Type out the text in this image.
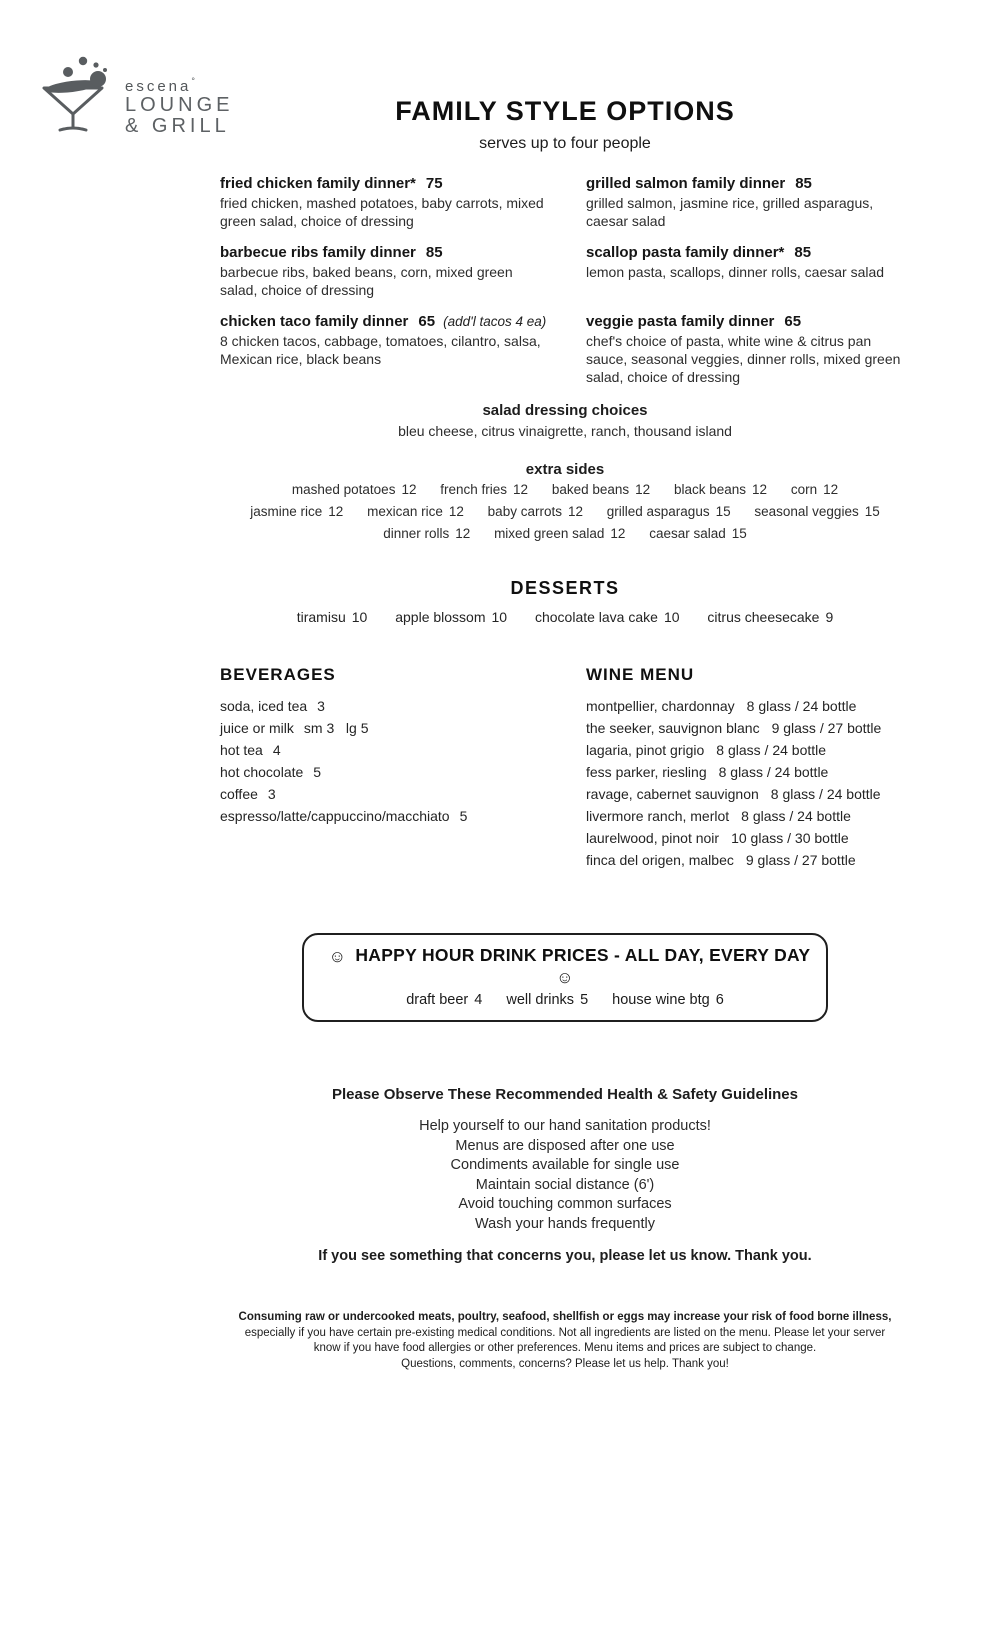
escena°
LOUNGE
& GRILL	FAMILY STYLE OPTIONS
serves up to four people
fried chicken family dinner* 75
fried chicken, mashed potatoes, baby carrots, mixed green salad, choice of dressing
grilled salmon family dinner 85
grilled salmon, jasmine rice, grilled asparagus, caesar salad
barbecue ribs family dinner 85
barbecue ribs, baked beans, corn, mixed green salad, choice of dressing
scallop pasta family dinner* 85
lemon pasta, scallops, dinner rolls, caesar salad
chicken taco family dinner 65 (add'l tacos 4 ea)
8 chicken tacos, cabbage, tomatoes, cilantro, salsa, Mexican rice, black beans
veggie pasta family dinner 65
chef's choice of pasta, white wine & citrus pan sauce, seasonal veggies, dinner rolls, mixed green salad, choice of dressing
salad dressing choices
bleu cheese, citrus vinaigrette, ranch, thousand island
extra sides
mashed potatoes 12 french fries 12 baked beans 12 black beans 12 corn 12
jasmine rice 12 mexican rice 12 baby carrots 12 grilled asparagus 15 seasonal veggies 15
dinner rolls 12 mixed green salad 12 caesar salad 15
DESSERTS
tiramisu 10 apple blossom 10 chocolate lava cake 10 citrus cheesecake 9
BEVERAGES
soda, iced tea 3
juice or milk sm 3   lg 5
hot tea 4
hot chocolate 5
coffee 3
espresso/latte/cappuccino/macchiato 5
WINE MENU
montpellier, chardonnay 8 glass / 24 bottle
the seeker, sauvignon blanc 9 glass / 27 bottle
lagaria, pinot grigio 8 glass / 24 bottle
fess parker, riesling 8 glass / 24 bottle
ravage, cabernet sauvignon 8 glass / 24 bottle
livermore ranch, merlot 8 glass / 24 bottle
laurelwood, pinot noir 10 glass / 30 bottle
finca del origen, malbec 9 glass / 27 bottle
☺ HAPPY HOUR DRINK PRICES - ALL DAY, EVERY DAY☺
draft beer 4 well drinks 5 house wine btg 6
Please Observe These Recommended Health & Safety Guidelines
Help yourself to our hand sanitation products!
Menus are disposed after one use
Condiments available for single use
Maintain social distance (6')
Avoid touching common surfaces
Wash your hands frequently
If you see something that concerns you, please let us know. Thank you.
Consuming raw or undercooked meats, poultry, seafood, shellfish or eggs may increase your risk of food borne illness,
especially if you have certain pre-existing medical conditions. Not all ingredients are listed on the menu. Please let your server know if you have food allergies or other preferences. Menu items and prices are subject to change.
Questions, comments, concerns? Please let us help. Thank you!
